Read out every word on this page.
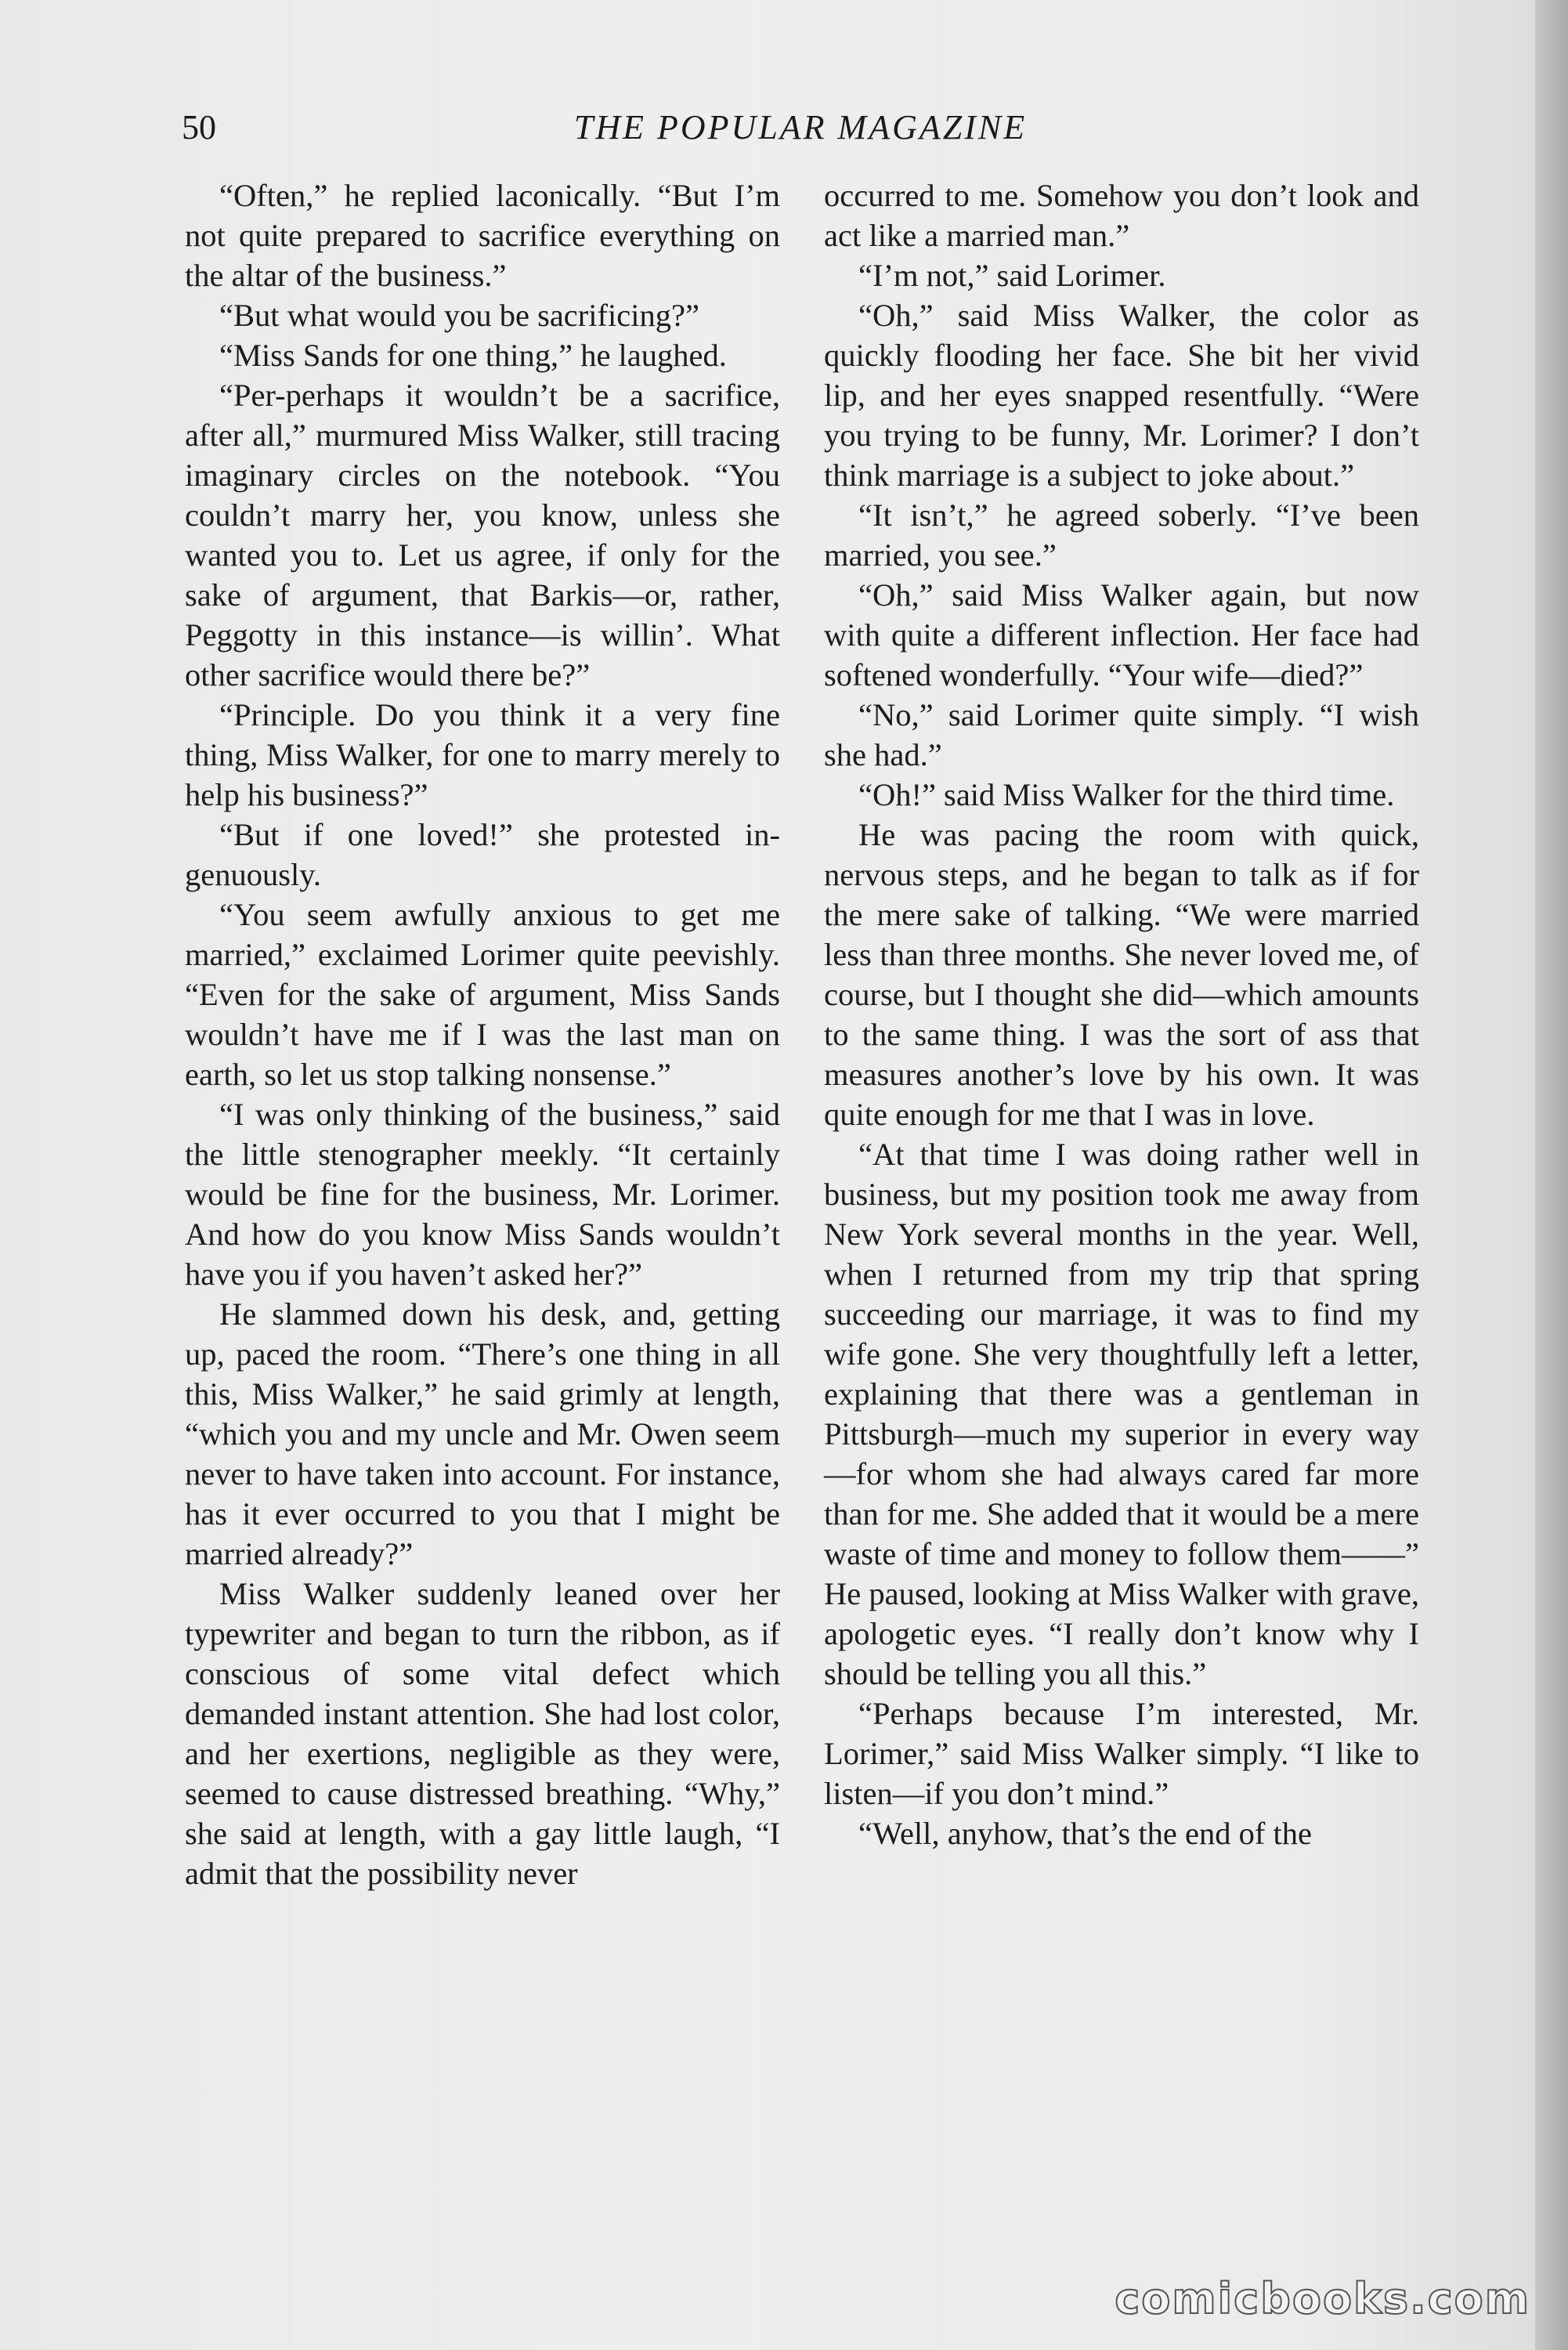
50	THE POPULAR MAGAZINE

“Often,” he replied laconically. “But I’m not quite prepared to sacrifice everything on the altar of the business.”

“But what would you be sacrificing?”

“Miss Sands for one thing,” he laughed.

“Per-perhaps it wouldn’t be a sacrifice, after all,” murmured Miss Walker, still tracing imaginary circles on the notebook. “You couldn’t marry her, you know, unless she wanted you to. Let us agree, if only for the sake of argument, that Barkis—or, rather, Peggotty in this instance—is willin’. What other sacrifice would there be?”

“Principle. Do you think it a very fine thing, Miss Walker, for one to marry merely to help his business?”

“But if one loved!” she protested ingenuously.

“You seem awfully anxious to get me married,” exclaimed Lorimer quite peevishly. “Even for the sake of argument, Miss Sands wouldn’t have me if I was the last man on earth, so let us stop talking nonsense.”

“I was only thinking of the business,” said the little stenographer meekly. “It certainly would be fine for the business, Mr. Lorimer. And how do you know Miss Sands wouldn’t have you if you haven’t asked her?”

He slammed down his desk, and, getting up, paced the room. “There’s one thing in all this, Miss Walker,” he said grimly at length, “which you and my uncle and Mr. Owen seem never to have taken into account. For instance, has it ever occurred to you that I might be married already?”

Miss Walker suddenly leaned over her typewriter and began to turn the ribbon, as if conscious of some vital defect which demanded instant attention. She had lost color, and her exertions, negligible as they were, seemed to cause distressed breathing. “Why,” she said at length, with a gay little laugh, “I admit that the possibility never

occurred to me. Somehow you don’t look and act like a married man.”

“I’m not,” said Lorimer.

“Oh,” said Miss Walker, the color as quickly flooding her face. She bit her vivid lip, and her eyes snapped resentfully. “Were you trying to be funny, Mr. Lorimer? I don’t think marriage is a subject to joke about.”

“It isn’t,” he agreed soberly. “I’ve been married, you see.”

“Oh,” said Miss Walker again, but now with quite a different inflection. Her face had softened wonderfully. “Your wife—died?”

“No,” said Lorimer quite simply. “I wish she had.”

“Oh!” said Miss Walker for the third time.

He was pacing the room with quick, nervous steps, and he began to talk as if for the mere sake of talking. “We were married less than three months. She never loved me, of course, but I thought she did—which amounts to the same thing. I was the sort of ass that measures another’s love by his own. It was quite enough for me that I was in love.

“At that time I was doing rather well in business, but my position took me away from New York several months in the year. Well, when I returned from my trip that spring succeeding our marriage, it was to find my wife gone. She very thoughtfully left a letter, explaining that there was a gentleman in Pittsburgh—much my superior in every way—for whom she had always cared far more than for me. She added that it would be a mere waste of time and money to follow them——” He paused, looking at Miss Walker with grave, apologetic eyes. “I really don’t know why I should be telling you all this.”

“Perhaps because I’m interested, Mr. Lorimer,” said Miss Walker simply. “I like to listen—if you don’t mind.”

“Well, anyhow, that’s the end of the

comicbooks.com
